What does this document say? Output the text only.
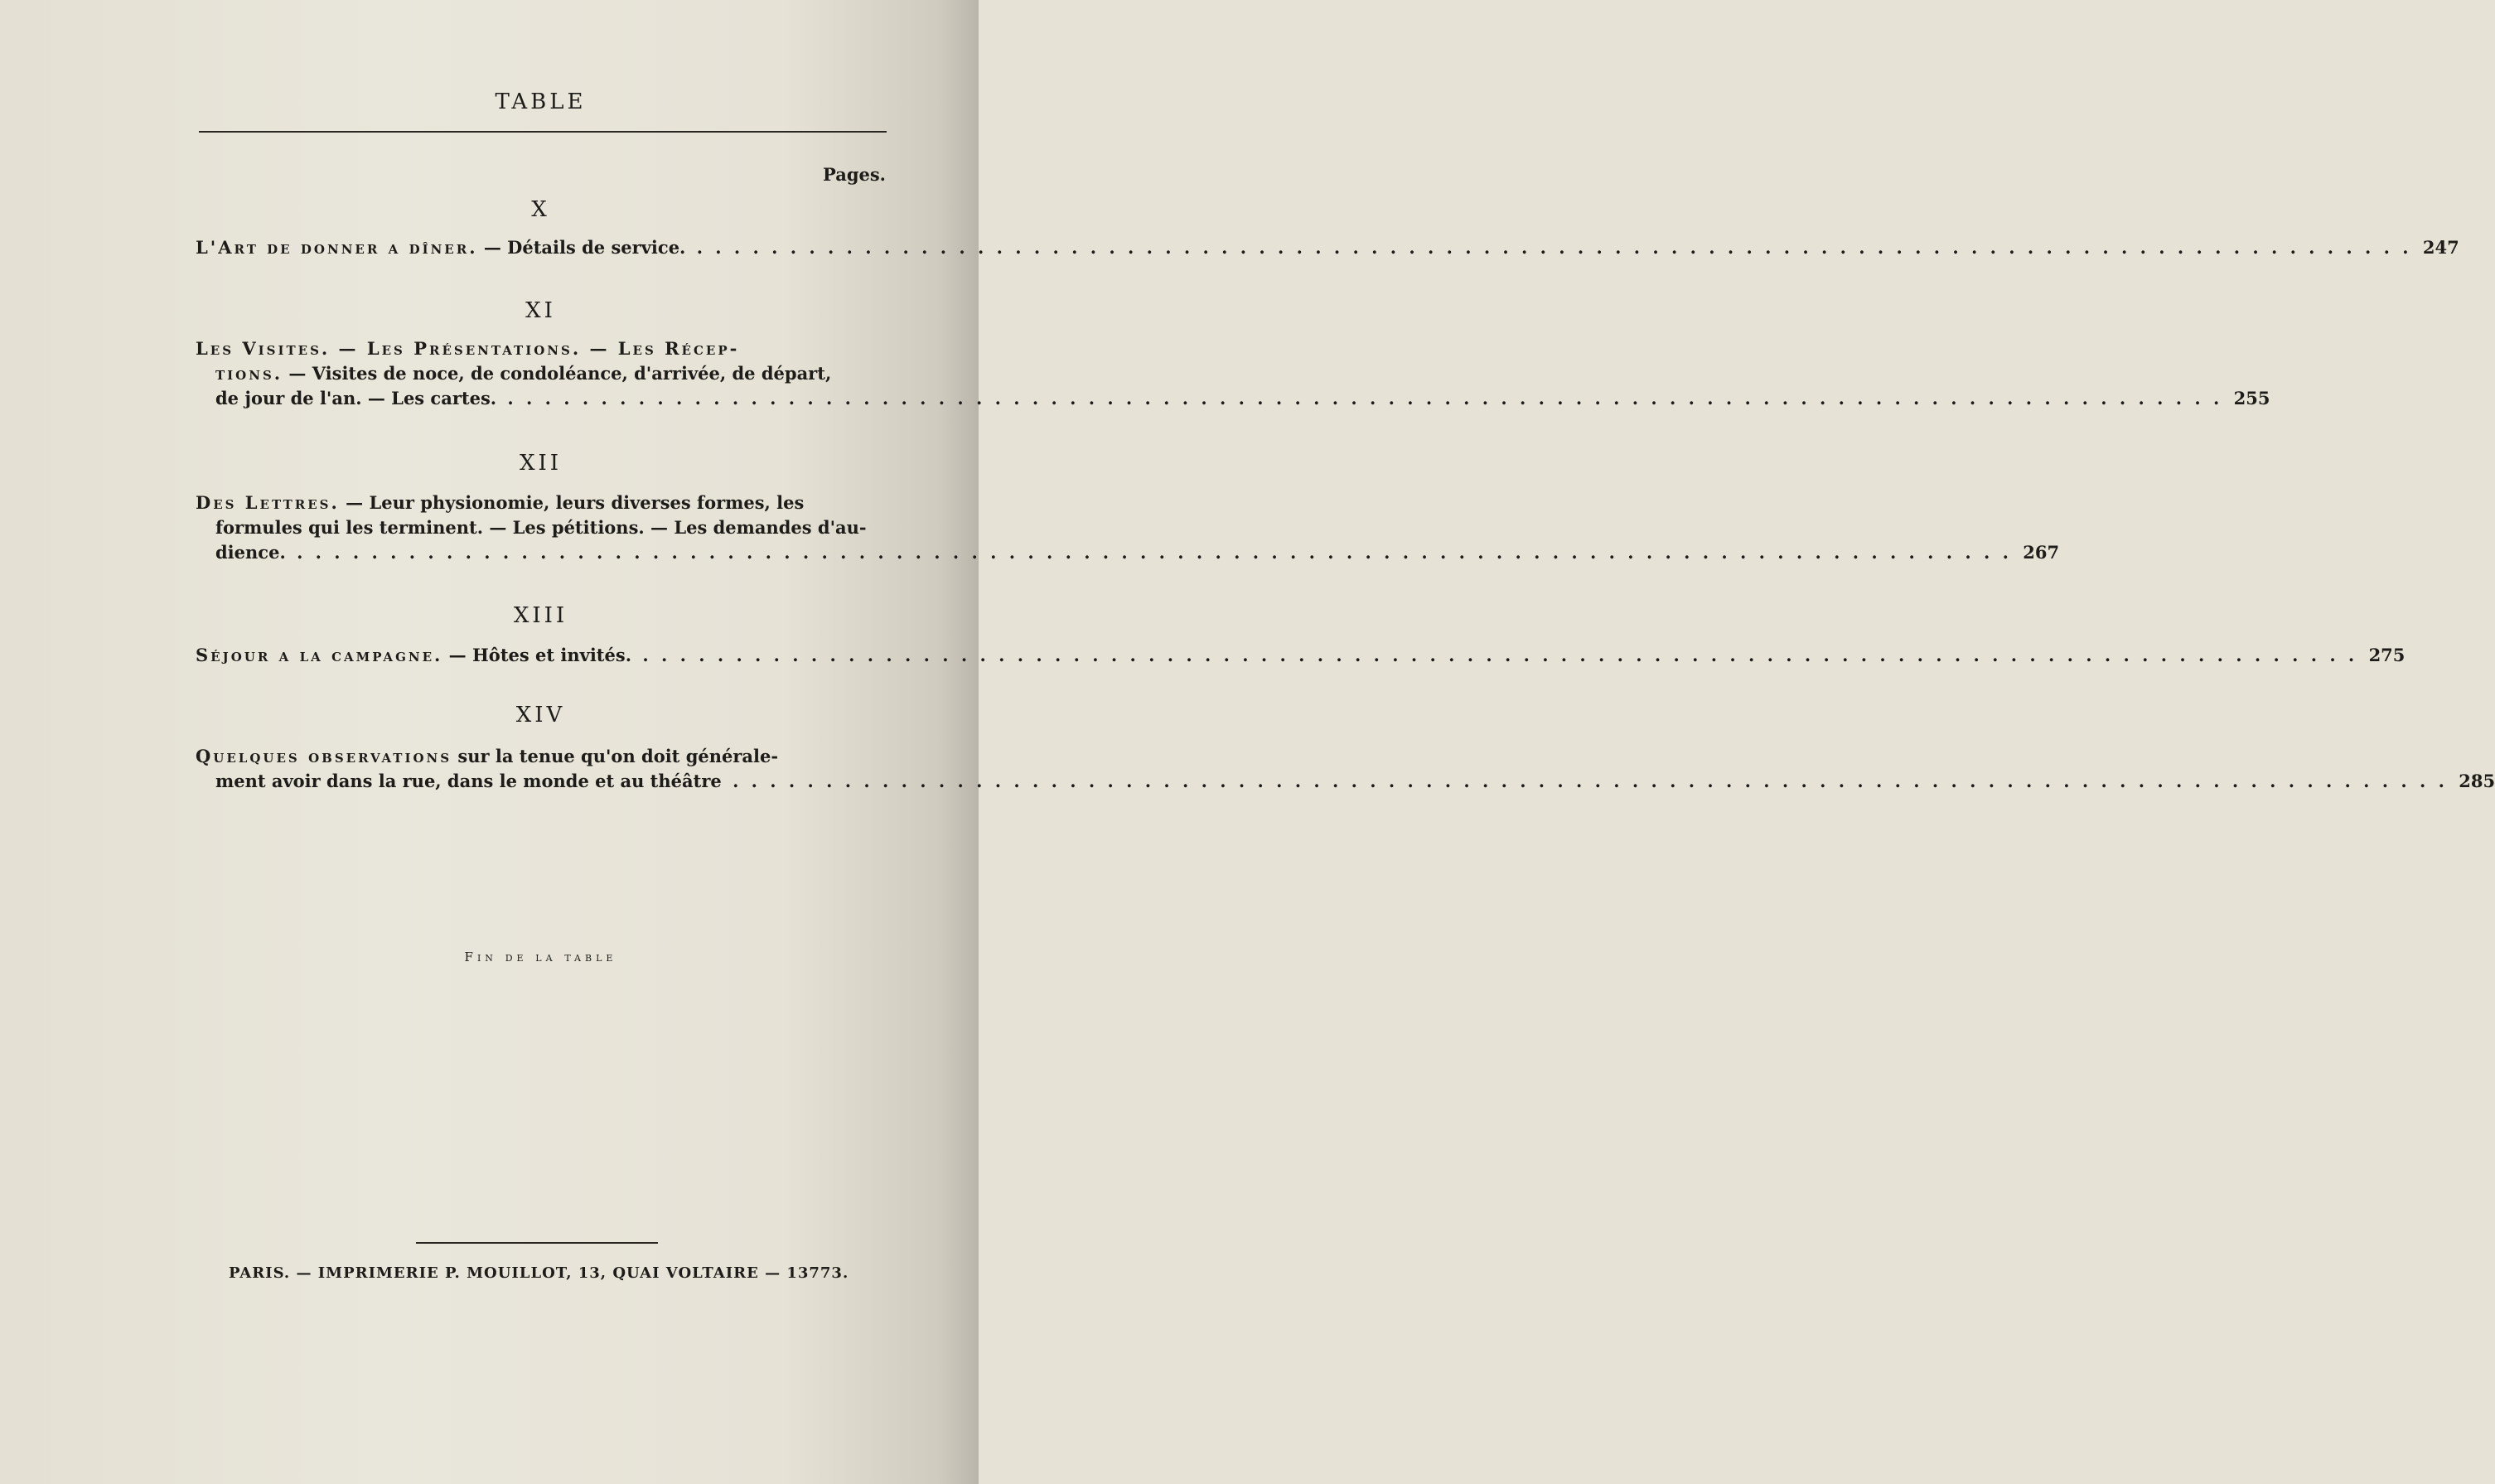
TABLE
Pages.
X
L'Art de donner a dîner. — Détails de service. . . .	247
XI
Les Visites. — Les Présentations. — Les Récep-
tions. — Visites de noce, de condoléance, d'arrivée, de départ,
de jour de l'an. — Les cartes. . . .	255
XII
Des Lettres. — Leur physionomie, leurs diverses formes, les
formules qui les terminent. — Les pétitions. — Les demandes d'au-
dience. . . .	267
XIII
Séjour a la campagne. — Hôtes et invités. . . .	275
XIV
Quelques observations sur la tenue qu'on doit générale-
ment avoir dans la rue, dans le monde et au théâtre . . .	285
Fin de la table
PARIS. — IMPRIMERIE P. MOUILLOT, 13, QUAI VOLTAIRE — 13773.
